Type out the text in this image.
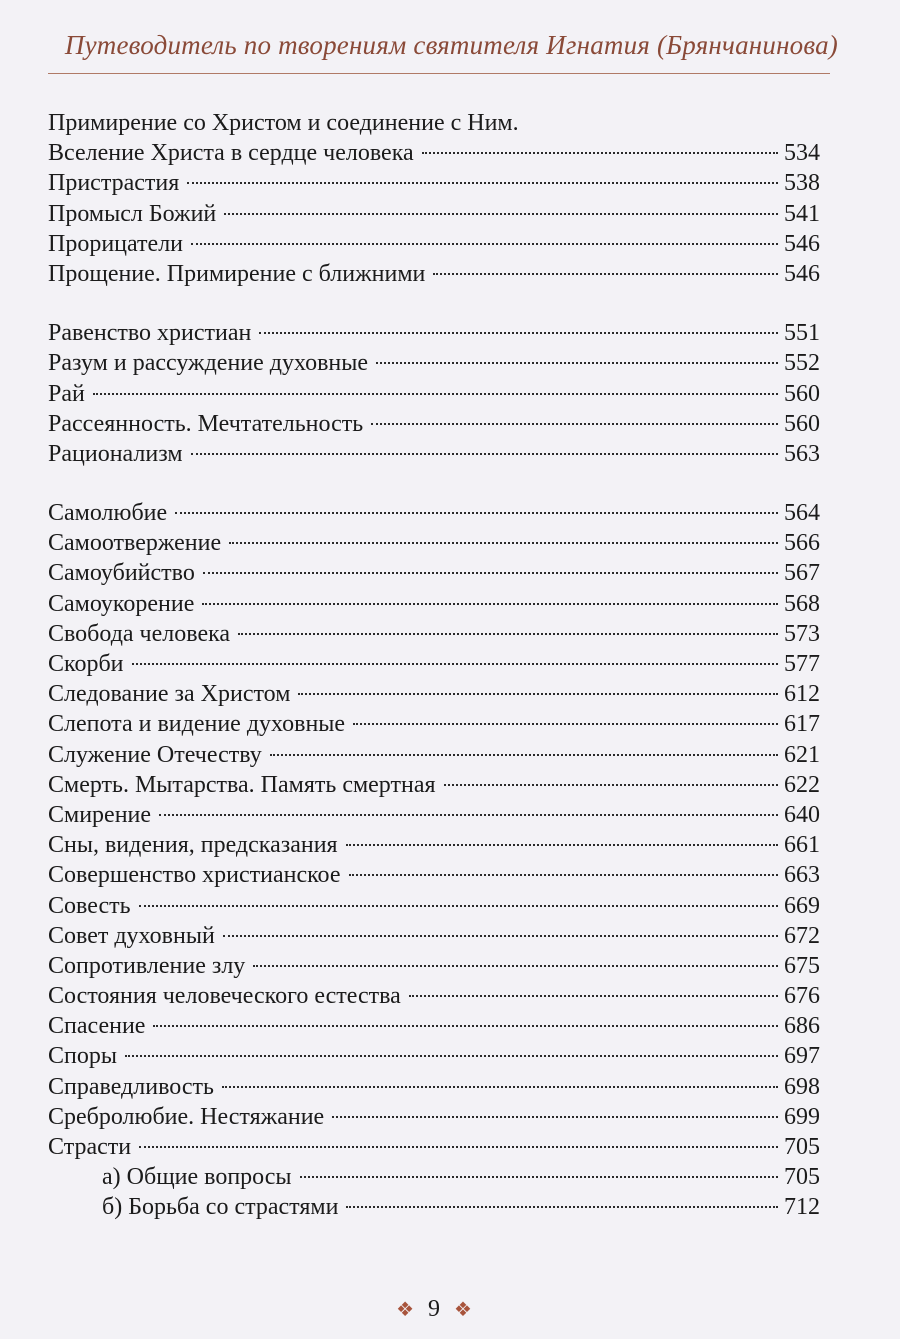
Путеводитель по творениям святителя Игнатия (Брянчанинова)
Примирение со Христом и соединение с Ним.
Вселение Христа в сердце человека	534
Пристрастия	538
Промысл Божий	541
Прорицатели	546
Прощение. Примирение с ближними	546
Равенство христиан	551
Разум и рассуждение духовные	552
Рай	560
Рассеянность. Мечтательность	560
Рационализм	563
Самолюбие	564
Самоотвержение	566
Самоубийство	567
Самоукорение	568
Свобода человека	573
Скорби	577
Следование за Христом	612
Слепота и видение духовные	617
Служение Отечеству	621
Смерть. Мытарства. Память смертная	622
Смирение	640
Сны, видения, предсказания	661
Совершенство христианское	663
Совесть	669
Совет духовный	672
Сопротивление злу	675
Состояния человеческого естества	676
Спасение	686
Споры	697
Справедливость	698
Сребролюбие. Нестяжание	699
Страсти	705
а) Общие вопросы	705
б) Борьба со страстями	712
❖ 9 ❖
